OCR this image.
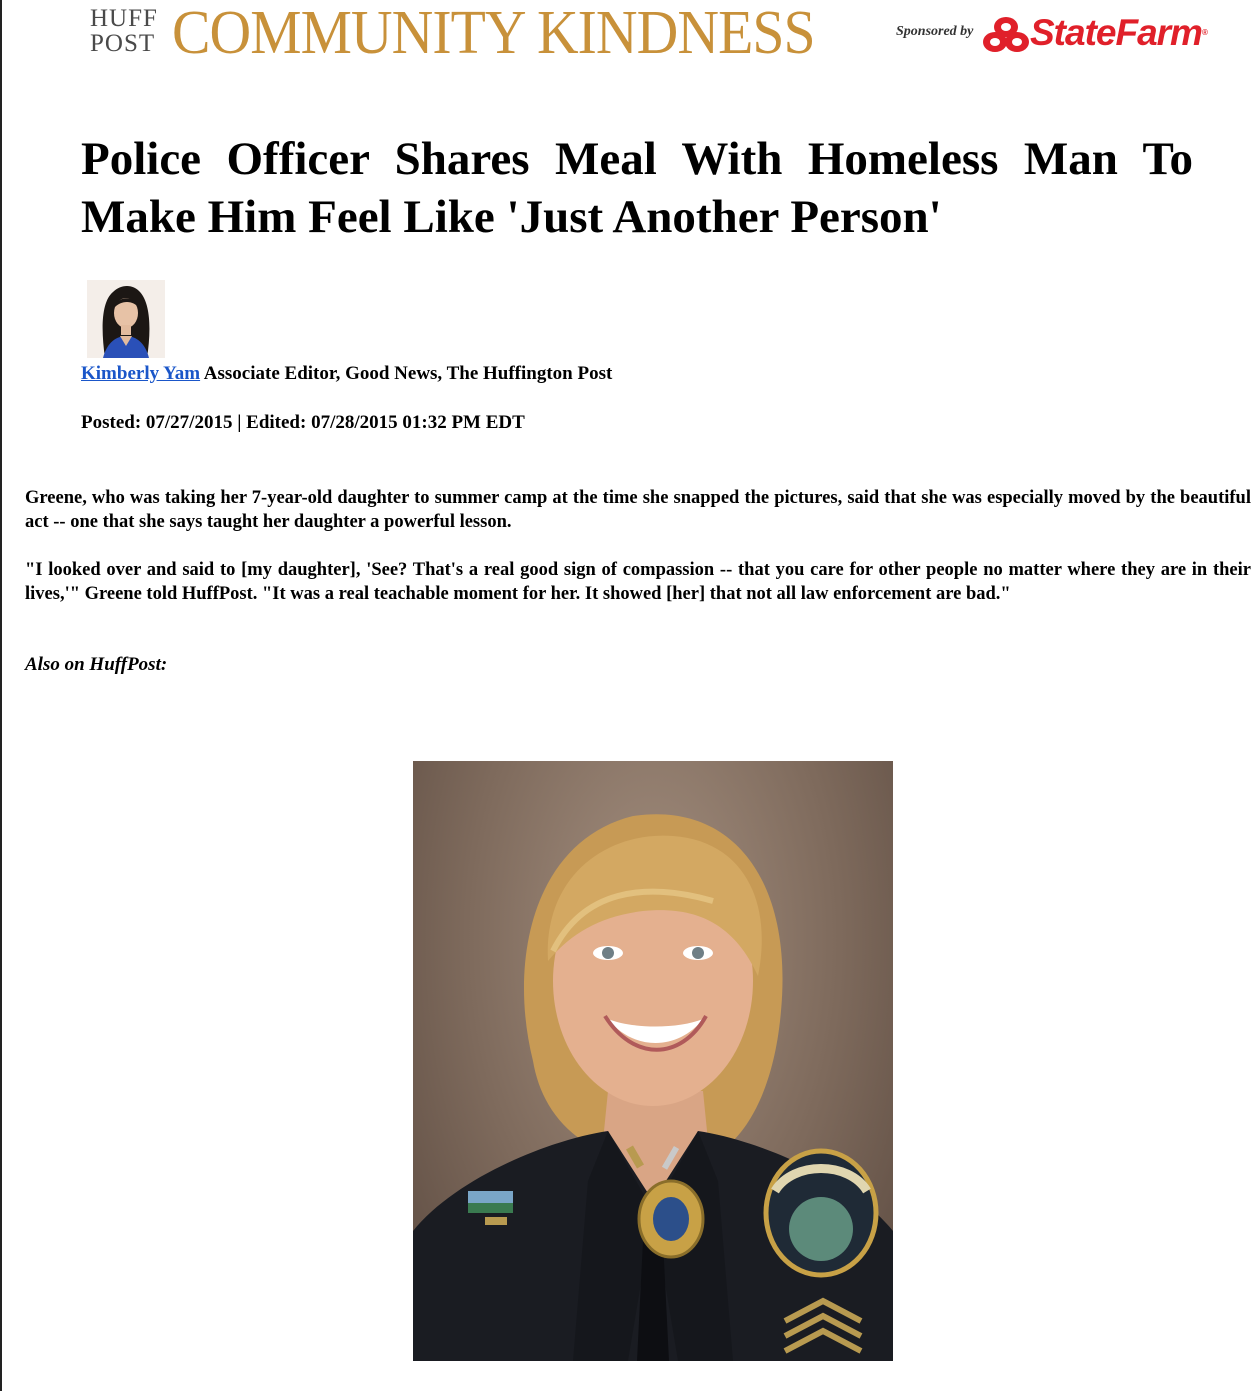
HUFF
POST COMMUNITY KINDNESS	Sponsored by StateFarm®
Police Officer Shares Meal With Homeless Man To Make Him Feel Like 'Just Another Person'
Kimberly Yam Associate Editor, Good News, The Huffington Post
Posted: 07/27/2015 | Edited: 07/28/2015 01:32 PM EDT

Greene, who was taking her 7-year-old daughter to summer camp at the time she snapped the pictures, said that she was especially moved by the beautiful act -- one that she says taught her daughter a powerful lesson.

"I looked over and said to [my daughter], 'See? That's a real good sign of compassion -- that you care for other people no matter where they are in their lives,'" Greene told HuffPost. "It was a real teachable moment for her. It showed [her] that not all law enforcement are bad."

Also on HuffPost:
